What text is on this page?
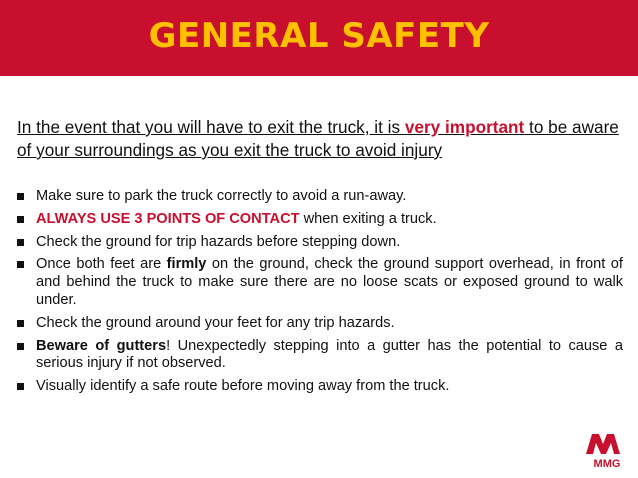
GENERAL SAFETY

In the event that you will have to exit the truck, it is very important to be aware of your surroundings as you exit the truck to avoid injury

Make sure to park the truck correctly to avoid a run-away.
ALWAYS USE 3 POINTS OF CONTACT when exiting a truck.
Check the ground for trip hazards before stepping down.
Once both feet are firmly on the ground, check the ground support overhead, in front of and behind the truck to make sure there are no loose scats or exposed ground to walk under.
Check the ground around your feet for any trip hazards.
Beware of gutters! Unexpectedly stepping into a gutter has the potential to cause a serious injury if not observed.
Visually identify a safe route before moving away from the truck.
MMG
